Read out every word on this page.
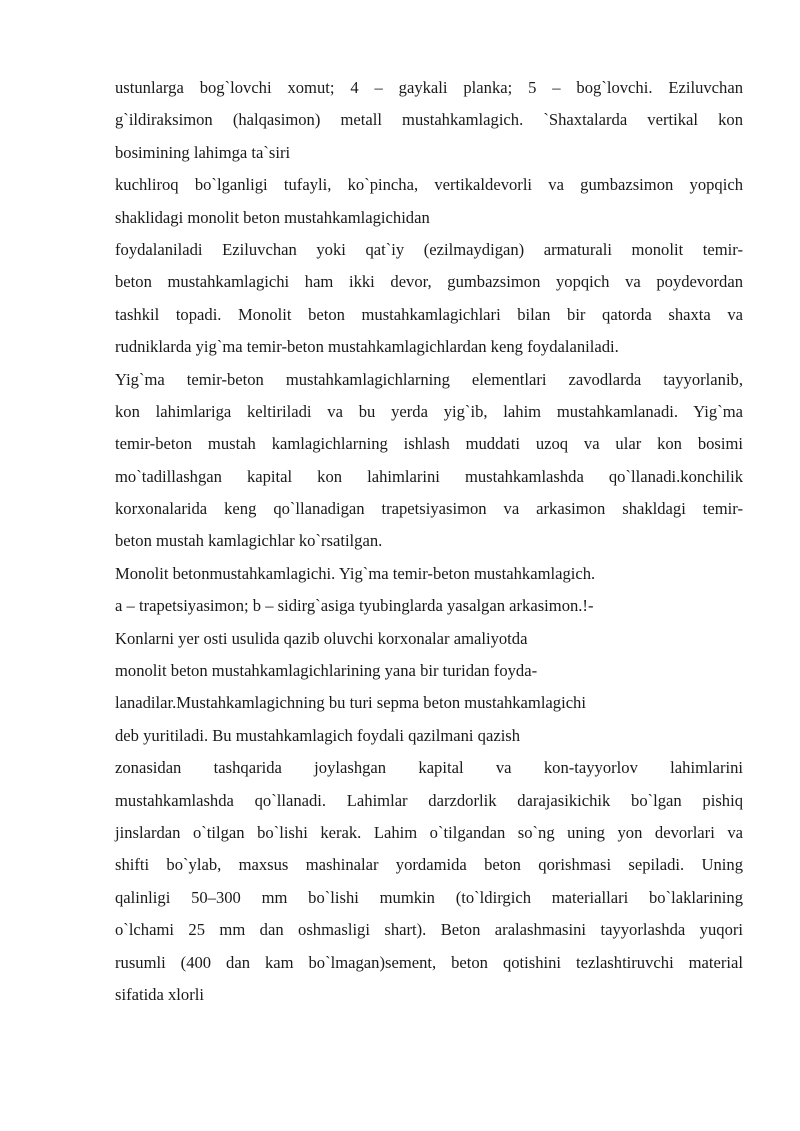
ustunlarga bog`lovchi xomut; 4 – gaykali planka; 5 – bog`lovchi. Eziluvchan
g`ildiraksimon (halqasimon) metall mustahkamlagich. `Shaxtalarda vertikal kon
bosimining lahimga ta`siri
kuchliroq bo`lganligi tufayli, ko`pincha, vertikaldevorli va gumbazsimon yopqich
shaklidagi monolit beton mustahkamlagichidan
foydalaniladi Eziluvchan yoki qat`iy (ezilmaydigan) armaturali monolit temir-
beton mustahkamlagichi ham ikki devor, gumbazsimon yopqich va poydevordan
tashkil topadi. Monolit beton mustahkamlagichlari bilan bir qatorda shaxta va
rudniklarda yig`ma temir-beton mustahkamlagichlardan keng foydalaniladi.
Yig`ma temir-beton mustahkamlagichlarning elementlari zavodlarda tayyorlanib,
kon lahimlariga keltiriladi va bu yerda yig`ib, lahim mustahkamlanadi. Yig`ma
temir-beton mustah kamlagichlarning ishlash muddati uzoq va ular kon bosimi
mo`tadillashgan kapital kon lahimlarini mustahkamlashda qo`llanadi.konchilik
korxonalarida keng qo`llanadigan trapetsiyasimon va arkasimon shakldagi temir-
beton mustah kamlagichlar ko`rsatilgan.
Monolit betonmustahkamlagichi. Yig`ma temir-beton mustahkamlagich.
a – trapetsiyasimon; b – sidirg`asiga tyubinglarda yasalgan arkasimon.!-
Konlarni yer osti usulida qazib oluvchi korxonalar amaliyotda
monolit beton mustahkamlagichlarining yana bir turidan foyda-
lanadilar.Mustahkamlagichning bu turi sepma beton mustahkamlagichi
deb yuritiladi. Bu mustahkamlagich foydali qazilmani qazish
zonasidan tashqarida joylashgan kapital va kon-tayyorlov lahimlarini
mustahkamlashda qo`llanadi. Lahimlar darzdorlik darajasikichik bo`lgan pishiq
jinslardan o`tilgan bo`lishi kerak. Lahim o`tilgandan so`ng uning yon devorlari va
shifti bo`ylab, maxsus mashinalar yordamida beton qorishmasi sepiladi. Uning
qalinligi 50–300 mm bo`lishi mumkin (to`ldirgich materiallari bo`laklarining
o`lchami 25 mm dan oshmasligi shart). Beton aralashmasini tayyorlashda yuqori
rusumli (400 dan kam bo`lmagan)sement, beton qotishini tezlashtiruvchi material
sifatida xlorli
